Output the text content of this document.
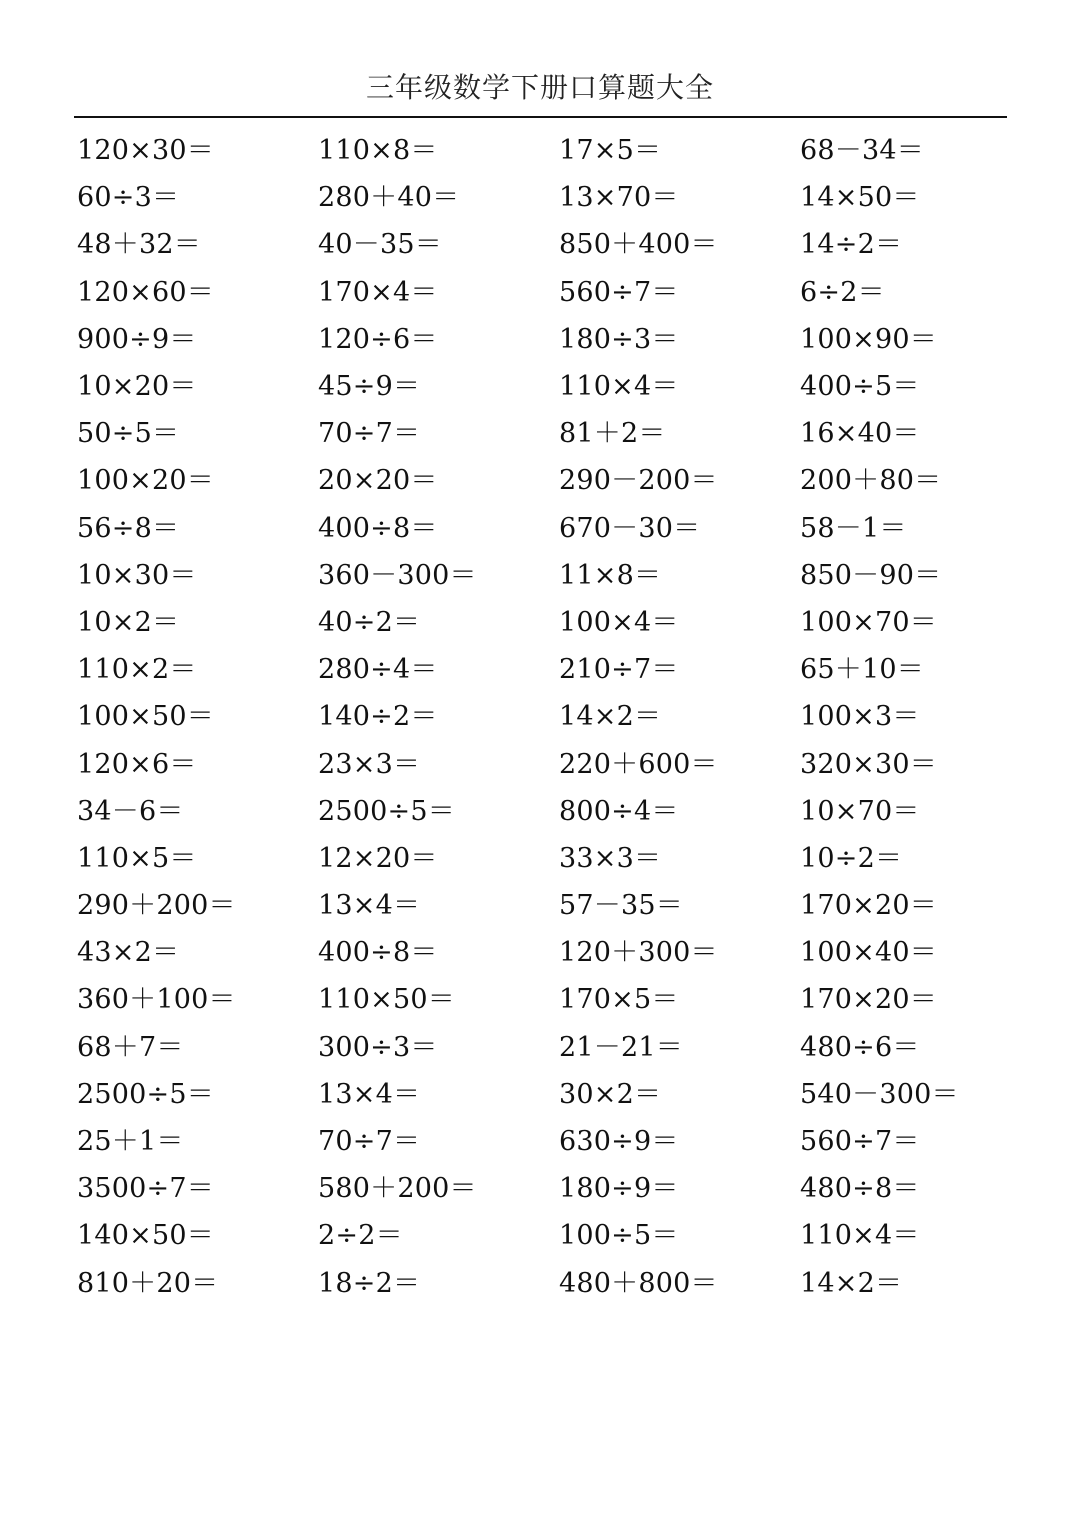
三年级数学下册口算题大全
120×30＝	110×8＝	17×5＝	68－34＝
60÷3＝	280＋40＝	13×70＝	14×50＝
48＋32＝	40－35＝	850＋400＝	14÷2＝
120×60＝	170×4＝	560÷7＝	6÷2＝
900÷9＝	120÷6＝	180÷3＝	100×90＝
10×20＝	45÷9＝	110×4＝	400÷5＝
50÷5＝	70÷7＝	81＋2＝	16×40＝
100×20＝	20×20＝	290－200＝	200＋80＝
56÷8＝	400÷8＝	670－30＝	58－1＝
10×30＝	360－300＝	11×8＝	850－90＝
10×2＝	40÷2＝	100×4＝	100×70＝
110×2＝	280÷4＝	210÷7＝	65＋10＝
100×50＝	140÷2＝	14×2＝	100×3＝
120×6＝	23×3＝	220＋600＝	320×30＝
34－6＝	2500÷5＝	800÷4＝	10×70＝
110×5＝	12×20＝	33×3＝	10÷2＝
290＋200＝	13×4＝	57－35＝	170×20＝
43×2＝	400÷8＝	120＋300＝	100×40＝
360＋100＝	110×50＝	170×5＝	170×20＝
68＋7＝	300÷3＝	21－21＝	480÷6＝
2500÷5＝	13×4＝	30×2＝	540－300＝
25＋1＝	70÷7＝	630÷9＝	560÷7＝
3500÷7＝	580＋200＝	180÷9＝	480÷8＝
140×50＝	2÷2＝	100÷5＝	110×4＝
810＋20＝	18÷2＝	480＋800＝	14×2＝
